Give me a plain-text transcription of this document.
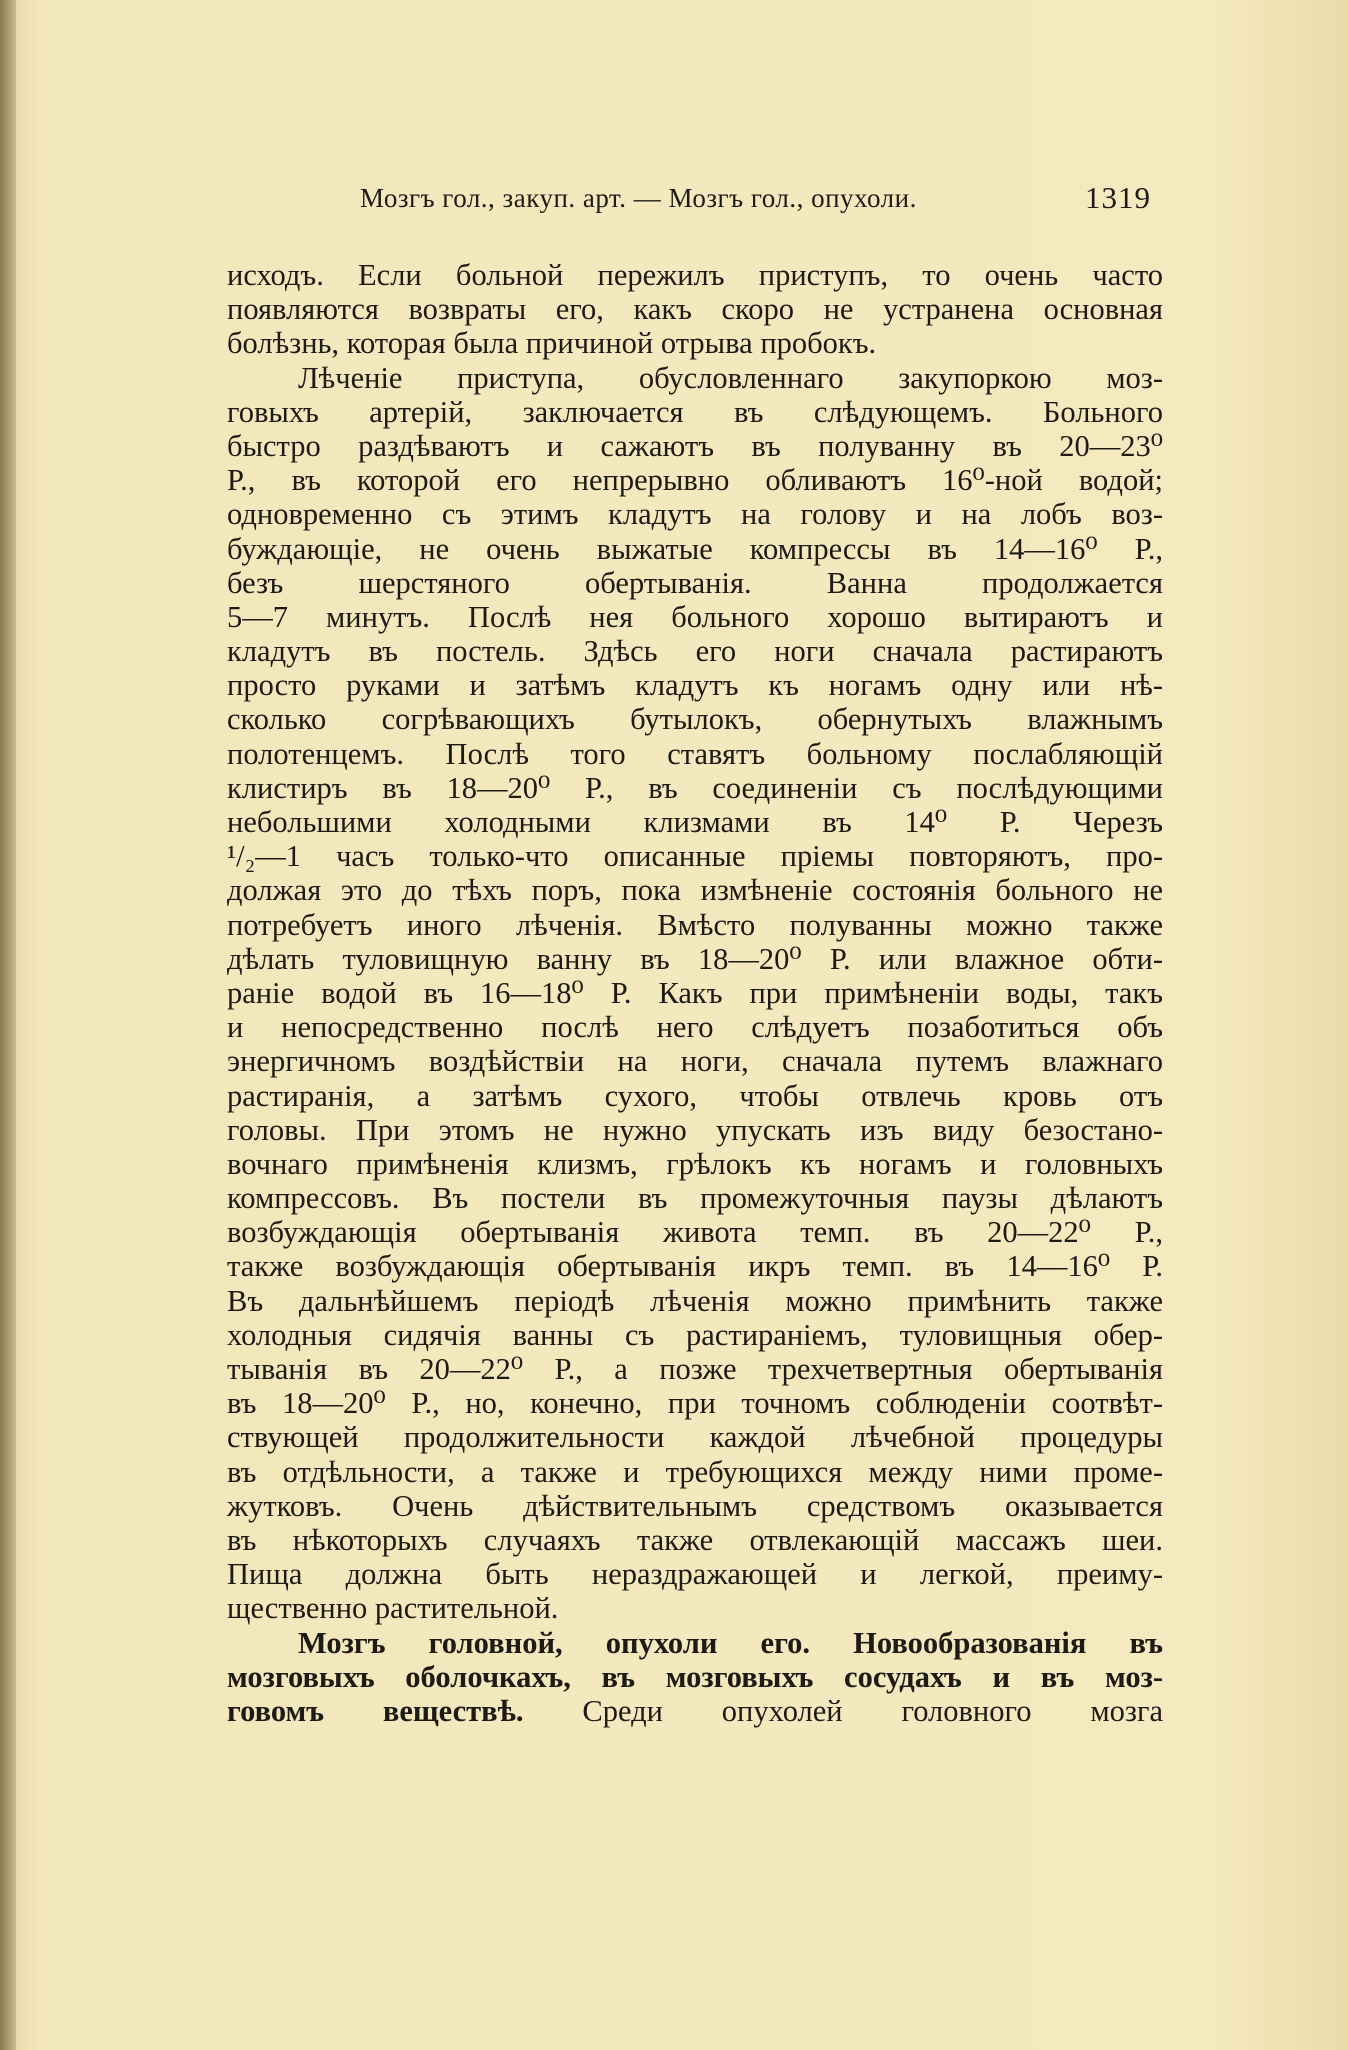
Мозгъ гол., закуп. арт. — Мозгъ гол., опухоли.	1319
исходъ. Если больной пережилъ приступъ, то очень часто
появляются возвраты его, какъ скоро не устранена основная
болѣзнь, которая была причиной отрыва пробокъ.
Лѣченіе приступа, обусловленнаго закупоркою моз-
говыхъ артерій, заключается въ слѣдующемъ. Больного
быстро раздѣваютъ и сажаютъ въ полуванну въ 20—23⁰
Р., въ которой его непрерывно обливаютъ 16⁰-ной водой;
одновременно съ этимъ кладутъ на голову и на лобъ воз-
буждающіе, не очень выжатые компрессы въ 14—16⁰ Р.,
безъ шерстяного обертыванія. Ванна продолжается
5—7 минутъ. Послѣ нея больного хорошо вытираютъ и
кладутъ въ постель. Здѣсь его ноги сначала растираютъ
просто руками и затѣмъ кладутъ къ ногамъ одну или нѣ-
сколько согрѣвающихъ бутылокъ, обернутыхъ влажнымъ
полотенцемъ. Послѣ того ставятъ больному послабляющій
клистиръ въ 18—20⁰ Р., въ соединеніи съ послѣдующими
небольшими холодными клизмами въ 14⁰ Р. Черезъ
¹/₂—1 часъ только-что описанные пріемы повторяютъ, про-
должая это до тѣхъ поръ, пока измѣненіе состоянія больного не
потребуетъ иного лѣченія. Вмѣсто полуванны можно также
дѣлать туловищную ванну въ 18—20⁰ Р. или влажное обти-
раніе водой въ 16—18⁰ Р. Какъ при примѣненіи воды, такъ
и непосредственно послѣ него слѣдуетъ позаботиться объ
энергичномъ воздѣйствіи на ноги, сначала путемъ влажнаго
растиранія, а затѣмъ сухого, чтобы отвлечь кровь отъ
головы. При этомъ не нужно упускать изъ виду безостано-
вочнаго примѣненія клизмъ, грѣлокъ къ ногамъ и головныхъ
компрессовъ. Въ постели въ промежуточныя паузы дѣлаютъ
возбуждающія обертыванія живота темп. въ 20—22⁰ Р.,
также возбуждающія обертыванія икръ темп. въ 14—16⁰ Р.
Въ дальнѣйшемъ періодѣ лѣченія можно примѣнить также
холодныя сидячія ванны съ растираніемъ, туловищныя обер-
тыванія въ 20—22⁰ Р., а позже трехчетвертныя обертыванія
въ 18—20⁰ Р., но, конечно, при точномъ соблюденіи соотвѣт-
ствующей продолжительности каждой лѣчебной процедуры
въ отдѣльности, а также и требующихся между ними проме-
жутковъ. Очень дѣйствительнымъ средствомъ оказывается
въ нѣкоторыхъ случаяхъ также отвлекающій массажъ шеи.
Пища должна быть нераздражающей и легкой, преиму-
щественно растительной.
Мозгъ головной, опухоли его. Новообразованія въ
мозговыхъ оболочкахъ, въ мозговыхъ сосудахъ и въ моз-
говомъ веществѣ. Среди опухолей головного мозга
